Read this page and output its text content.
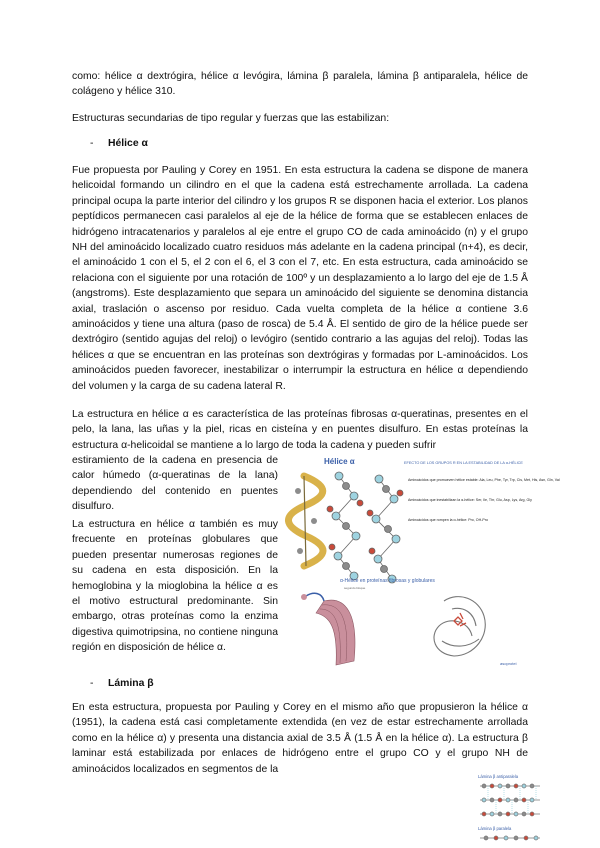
como: hélice α dextrógira, hélice α levógira, lámina β paralela, lámina β antiparalela, hélice de colágeno y hélice 310.

Estructuras secundarias de tipo regular y fuerzas que las estabilizan:

- Hélice α

Fue propuesta por Pauling y Corey en 1951. En esta estructura la cadena se dispone de manera helicoidal formando un cilindro en el que la cadena está estrechamente arrollada. La cadena principal ocupa la parte interior del cilindro y los grupos R se disponen hacia el exterior. Los planos peptídicos permanecen casi paralelos al eje de la hélice de forma que se establecen enlaces de hidrógeno intracatenarios y paralelos al eje entre el grupo CO de cada aminoácido (n) y el grupo NH del aminoácido localizado cuatro residuos más adelante en la cadena principal (n+4), es decir, el aminoácido 1 con el 5, el 2 con el 6, el 3 con el 7, etc. En esta estructura, cada aminoácido se relaciona con el siguiente por una rotación de 100º y un desplazamiento a lo largo del eje de 1.5 Å (angstroms). Este desplazamiento que separa un aminoácido del siguiente se denomina distancia axial, traslación o ascenso por residuo. Cada vuelta completa de la hélice α contiene 3.6 aminoácidos y tiene una altura (paso de rosca) de 5.4 Å. El sentido de giro de la hélice puede ser dextrógiro (sentido agujas del reloj) o levógiro (sentido contrario a las agujas del reloj). Todas las hélices α que se encuentran en las proteínas son dextrógiras y formadas por L-aminoácidos. Los aminoácidos pueden favorecer, inestabilizar o interrumpir la estructura en hélice α dependiendo del volumen y la carga de su cadena lateral R.

La estructura en hélice α es característica de las proteínas fibrosas α-queratinas, presentes en el pelo, la lana, las uñas y la piel, ricas en cisteína y en puentes disulfuro. En estas proteínas la estructura α-helicoidal se mantiene a lo largo de toda la cadena y pueden sufrir

estiramiento de la cadena en presencia de calor húmedo (α-queratinas de la lana) dependiendo del contenido en puentes disulfuro.

La estructura en hélice α también es muy frecuente en proteínas globulares que pueden presentar numerosas regiones de su cadena en esta disposición. En la hemoglobina y la mioglobina la hélice α es el motivo estructural predominante. Sin embargo, otras proteínas como la enzima digestiva quimotripsina, no contiene ninguna región en disposición de hélice α.

- Lámina β

En esta estructura, propuesta por Pauling y Corey en el mismo año que propusieron la hélice α (1951), la cadena está casi completamente extendida (en vez de estar estrechamente arrollada como en la hélice α) y presenta una distancia axial de 3.5 Å (1.5 Å en la hélice α). La estructura β laminar está estabilizada por enlaces de hidrógeno entre el grupo CO y el grupo NH de aminoácidos localizados en segmentos de la

Hélice α	EFECTO DE LOS GRUPOS R EN LA ESTABILIDAD DE LA α-HÉLICE
Aminoácidos que promueven hélice estable: Ala, Leu, Phe, Tyr, Trp, Cis, Met, His, Asn, Gln, Val
Aminoácidos que inestabilizan la α-hélice: Ser, Ile, Thr, Glu, Asp, Lys, Arg, Gly
Aminoácidos que rompen la α-hélice: Pro, OH-Pro
α-Hélice en proteínas fibrosas y globulares
segundo bloque
asoprotei
Lámina β antiparalela
Lámina β paralela
